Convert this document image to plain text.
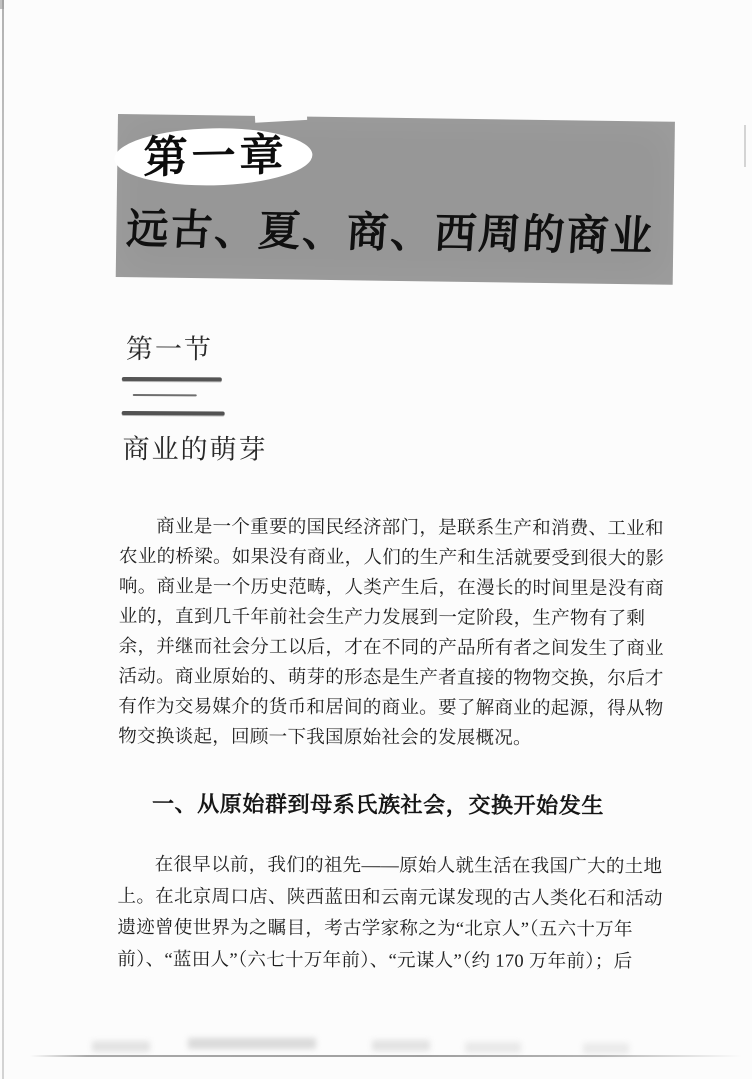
第一章
远古、夏、商、西周的商业
第一节
商业的萌芽
商业是一个重要的国民经济部门，是联系生产和消费、工业和
农业的桥梁。如果没有商业，人们的生产和生活就要受到很大的影
响。商业是一个历史范畴，人类产生后，在漫长的时间里是没有商
业的，直到几千年前社会生产力发展到一定阶段，生产物有了剩
余，并继而社会分工以后，才在不同的产品所有者之间发生了商业
活动。商业原始的、萌芽的形态是生产者直接的物物交换，尔后才
有作为交易媒介的货币和居间的商业。要了解商业的起源，得从物
物交换谈起，回顾一下我国原始社会的发展概况。
一、从原始群到母系氏族社会，交换开始发生
在很早以前，我们的祖先——原始人就生活在我国广大的土地
上。在北京周口店、陕西蓝田和云南元谋发现的古人类化石和活动
遗迹曾使世界为之瞩目，考古学家称之为“北京人”（五六十万年
前）、“蓝田人”（六七十万年前）、“元谋人”（约 170 万年前）；后
